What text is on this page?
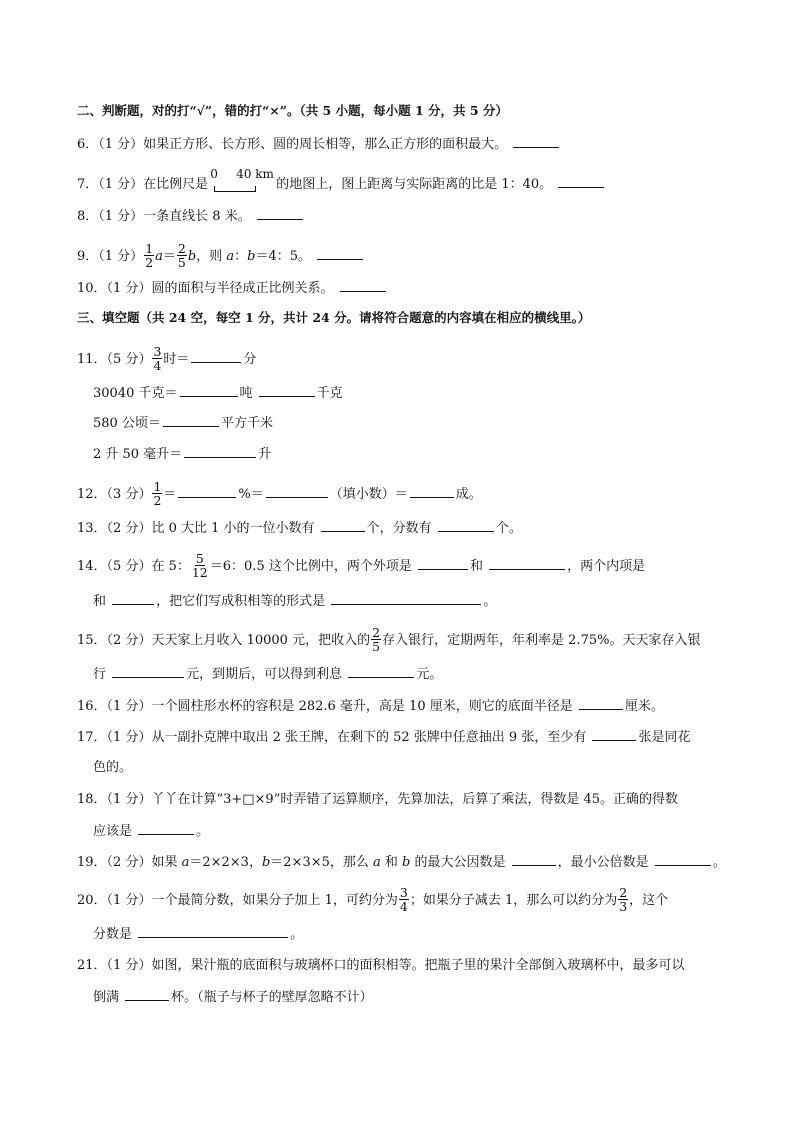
二、判断题，对的打“√”，错的打“×”。（共 5 小题，每小题 1 分，共 5 分）
6．（1 分）如果正方形、长方形、圆的周长相等，那么正方形的面积最大。
7．（1 分）在比例尺是
0 40 km
的地图上，图上距离与实际距离的比是 1：40。
8．（1 分）一条直线长 8 米。
9．（1 分） $\frac{1}{2} a= \frac{2}{5}$ b，则 a：b＝4：5。
10．（1 分）圆的面积与半径成正比例关系。
三、填空题（共 24 空，每空 1 分，共计 24 分。请将符合题意的内容填在相应的横线里。）
11．（5 分） $\frac{3}{4}$ 时＝	分
30040 千克＝	吨	千克
580 公顷＝	平方千米
2 升 50 毫升＝	升
12．（3 分） $\frac{1}{2}$ ＝	%＝	（填小数）＝	成。
13．（2 分）比 0 大比 1 小的一位小数有	个，分数有	个。
14．（5 分）在 5： $\frac{5}{12} =6$：0.5 这个比例中，两个外项是	和	，两个内项是
和	，把它们写成积相等的形式是	。
15．（2 分）天天家上月收入 10000 元，把收入的 $\frac{2}{5}$ 存入银行，定期两年，年利率是 2.75%。天天家存入银
行	元，到期后，可以得到利息	元。
16．（1 分）一个圆柱形水杯的容积是 282.6 毫升，高是 10 厘米，则它的底面半径是	厘米。
17．（1 分）从一副扑克牌中取出 2 张王牌，在剩下的 52 张牌中任意抽出 9 张，至少有	张是同花
色的。
18．（1 分）丫丫在计算“3+□×9”时弄错了运算顺序，先算加法，后算了乘法，得数是 45。正确的得数
应该是	。
19．（2 分）如果 a＝2×2×3，b＝2×3×5，那么 a 和 b 的最大公因数是	，最小公倍数是	。
20．（1 分）一个最简分数，如果分子加上 1，可约分为 $\frac{3}{4}$ ；如果分子减去 1，那么可以约分为 $\frac{2}{3}$ ，这个
分数是	。
21．（1 分）如图，果汁瓶的底面积与玻璃杯口的面积相等。把瓶子里的果汁全部倒入玻璃杯中，最多可以
倒满	杯。（瓶子与杯子的壁厚忽略不计）
